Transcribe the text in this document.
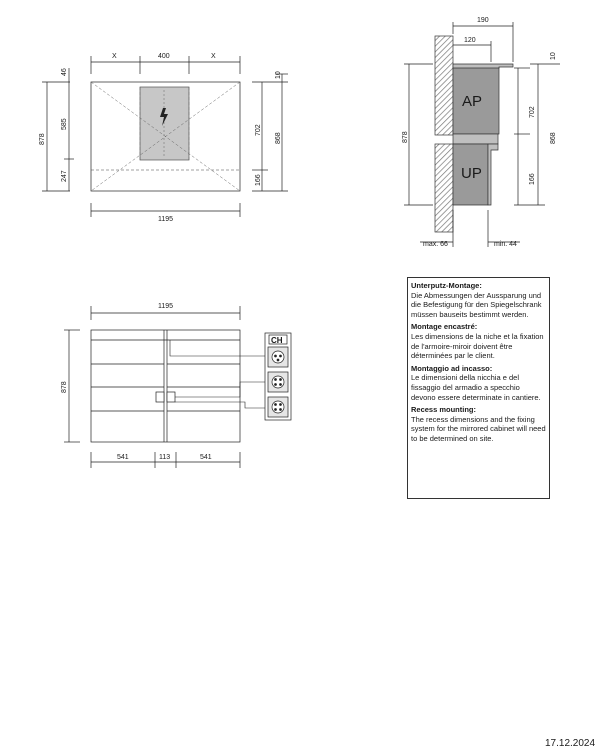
X	400	X
1195
878
46
585
247
702
166
10
868
190
120
AP
UP
878
702
166
10
868
max. 66	min. 44
CH
1195
878
541	113	541
Unterputz-Montage:
Die Abmessungen der Aussparung und die Befestigung für den Spiegelschrank müssen bauseits bestimmt werden.
Montage encastré:
Les dimensions de la niche et la fixation de l'armoire-miroir doivent être déterminées par le client.
Montaggio ad incasso:
Le dimensioni della nicchia e del fissaggio del armadio a specchio devono essere determinate in cantiere.
Recess mounting:
The recess dimensions and the fixing system for the mirrored cabinet will need to be determined on site.
17.12.2024
